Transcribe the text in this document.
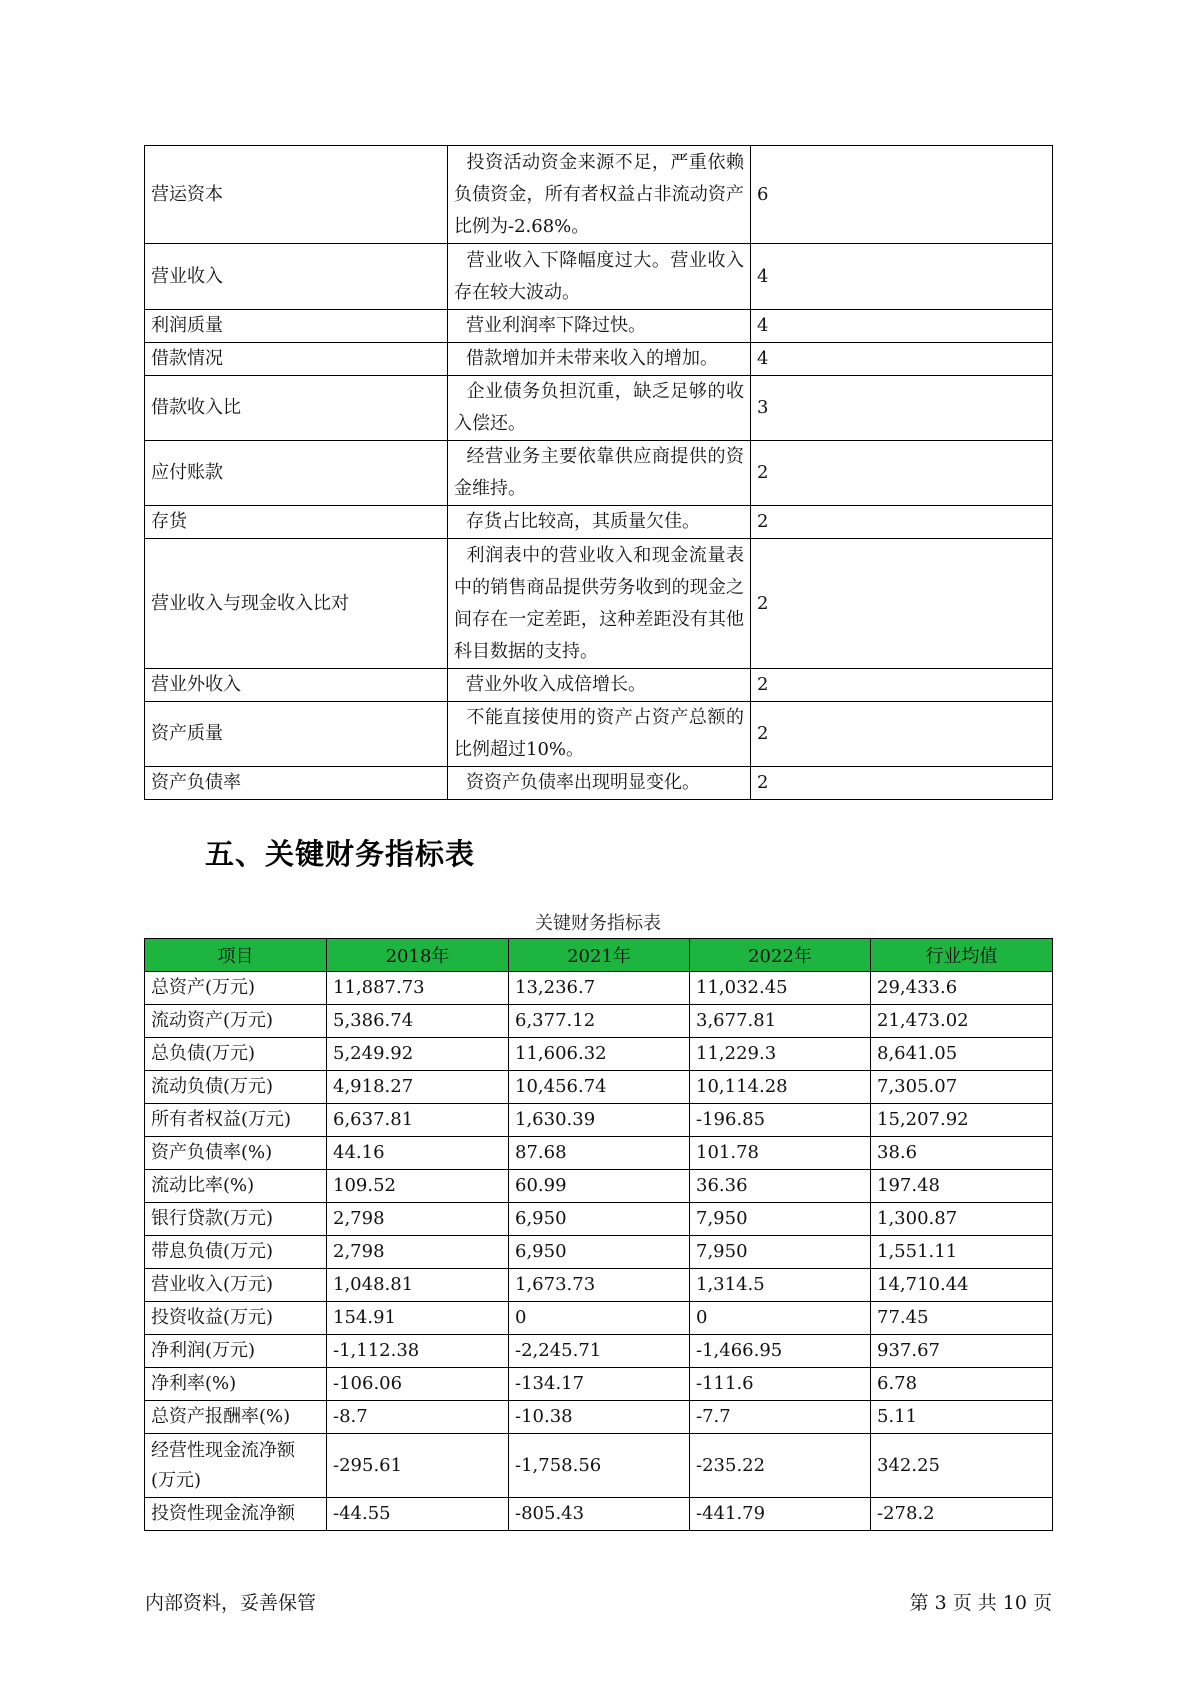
营运资本	投资活动资金来源不足，严重依赖负债资金，所有者权益占非流动资产比例为-2.68%。	6
营业收入	营业收入下降幅度过大。营业收入存在较大波动。	4
利润质量	营业利润率下降过快。	4
借款情况	借款增加并未带来收入的增加。	4
借款收入比	企业债务负担沉重，缺乏足够的收入偿还。	3
应付账款	经营业务主要依靠供应商提供的资金维持。	2
存货	存货占比较高，其质量欠佳。	2
营业收入与现金收入比对	利润表中的营业收入和现金流量表中的销售商品提供劳务收到的现金之间存在一定差距，这种差距没有其他科目数据的支持。	2
营业外收入	营业外收入成倍增长。	2
资产质量	不能直接使用的资产占资产总额的比例超过10%。	2
资产负债率	资资产负债率出现明显变化。	2
五、关键财务指标表
关键财务指标表
项目	2018年	2021年	2022年	行业均值
总资产(万元)	11,887.73	13,236.7	11,032.45	29,433.6
流动资产(万元)	5,386.74	6,377.12	3,677.81	21,473.02
总负债(万元)	5,249.92	11,606.32	11,229.3	8,641.05
流动负债(万元)	4,918.27	10,456.74	10,114.28	7,305.07
所有者权益(万元)	6,637.81	1,630.39	-196.85	15,207.92
资产负债率(%)	44.16	87.68	101.78	38.6
流动比率(%)	109.52	60.99	36.36	197.48
银行贷款(万元)	2,798	6,950	7,950	1,300.87
带息负债(万元)	2,798	6,950	7,950	1,551.11
营业收入(万元)	1,048.81	1,673.73	1,314.5	14,710.44
投资收益(万元)	154.91	0	0	77.45
净利润(万元)	-1,112.38	-2,245.71	-1,466.95	937.67
净利率(%)	-106.06	-134.17	-111.6	6.78
总资产报酬率(%)	-8.7	-10.38	-7.7	5.11
经营性现金流净额(万元)	-295.61	-1,758.56	-235.22	342.25
投资性现金流净额	-44.55	-805.43	-441.79	-278.2
内部资料，妥善保管	第 3 页 共 10 页
